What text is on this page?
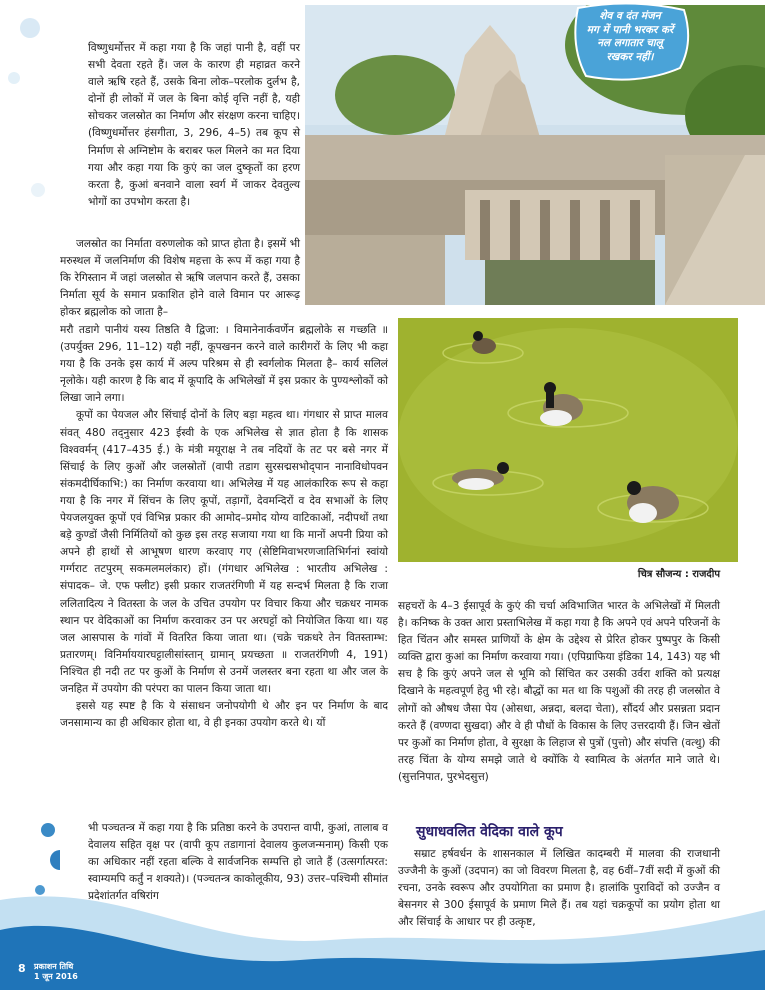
शेव व दंत मंजन
मग में पानी भरकर करें
नल लगातार चालू
रखकर नहीं।
चित्र सौजन्य : राजदीप

विष्णुधर्मोत्तर में कहा गया है कि जहां पानी है, वहीं पर सभी देवता रहते हैं। जल के कारण ही महाव्रत करने वाले ऋषि रहते हैं, उसके बिना लोक–परलोक दुर्लभ है, दोनों ही लोकों में जल के बिना कोई वृत्ति नहीं है, यही सोचकर जलस्रोत का निर्माण और संरक्षण करना चाहिए। (विष्णुधर्मोत्तर हंसगीता, 3, 296, 4–5) तब कूप से निर्माण से अग्निष्टोम के बराबर फल मिलने का मत दिया गया और कहा गया कि कुएं का जल दुष्कृतों का हरण करता है, कुआं बनवाने वाला स्वर्ग में जाकर देवतुल्य भोगों का उपभोग करता है।

जलस्रोत का निर्माता वरुणलोक को प्राप्त होता है। इसमें भी मरुस्थल में जलनिर्माण की विशेष महत्ता के रूप में कहा गया है कि रेगिस्तान में जहां जलस्रोत से ऋषि जलपान करते हैं, उसका निर्माता सूर्य के समान प्रकाशित होने वाले विमान पर आरूढ़ होकर ब्रह्मलोक को जाता है–

मरौ तडागे पानीयं यस्य तिष्ठति वै द्विजा: । विमानेनार्कवर्णेन ब्रह्मलोके स गच्छति ॥ (उपर्युक्त 296, 11–12) यही नहीं, कूपखनन करने वाले कारीगरों के लिए भी कहा गया है कि उनके इस कार्य में अल्प परिश्रम से ही स्वर्गलोक मिलता है– कार्य सलिलं नृलोके। यही कारण है कि बाद में कूपादि के अभिलेखों में इस प्रकार के पुण्यश्लोकों को लिखा जाने लगा।

कूपों का पेयजल और सिंचाई दोनों के लिए बड़ा महत्व था। गंगधार से प्राप्त मालव संवत् 480 तद्नुसार 423 ईस्वी के एक अभिलेख से ज्ञात होता है कि शासक विश्ववर्मन् (417–435 ई.) के मंत्री मयूराक्ष ने तब नदियों के तट पर बसे नगर में सिंचाई के लिए कुओं और जलस्रोतों (वापी तडाग सुरसद्मसभोद्पान नानाविधोपवन संकमदीर्घिकाभि:) का निर्माण करवाया था। अभिलेख में यह आलंकारिक रूप से कहा गया है कि नगर में सिंचन के लिए कूपों, तड़ागों, देवमन्दिरों व देव सभाओं के लिए पेयजलयुक्त कूपों एवं विभिन्न प्रकार की आमोद–प्रमोद योग्य वाटिकाओं, नदीपथों तथा बड़े कुण्डों जैसी निर्मितियों को कुछ इस तरह सजाया गया था कि मानों अपनी प्रिया को अपने ही हाथों से आभूषण धारण करवाए गए (सेष्टिमिवाभरणजातिभिर्गनां स्वांयो गर्ग्गराट तटपुरम् सकमलमलंकार) हों। (गंगधार अभिलेख : भारतीय अभिलेख : संपादक– जे. एफ फ्लीट) इसी प्रकार राजतरंगिणी में यह सन्दर्भ मिलता है कि राजा ललितादित्य ने वितस्ता के जल के उचित उपयोग पर विचार किया और चक्रधर नामक स्थान पर वेदिकाओं का निर्माण करवाकर उन पर अरघट्टों को नियोजित किया था। यह जल आसपास के गांवों में वितरित किया जाता था। (चक्रे चक्रधरे तेन वितस्ताम्भ: प्रतारणम्। विनिर्माययारघट्टालीसांस्तान् ग्रामान् प्रयच्छता ॥ राजतरंगिणी 4, 191) निश्चित ही नदी तट पर कुओं के निर्माण से उनमें जलस्तर बना रहता था और जल के जनहित में उपयोग की परंपरा का पालन किया जाता था।

इससे यह स्पष्ट है कि ये संसाधन जनोपयोगी थे और इन पर निर्माण के बाद जनसामान्य का ही अधिकार होता था, वे ही इनका उपयोग करते थे। यों

भी पञ्चतन्त्र में कहा गया है कि प्रतिष्ठा करने के उपरान्त वापी, कुआं, तालाब व देवालय सहित वृक्ष पर (वापी कूप तडागानां देवालय कुलजन्मनाम्) किसी एक का अधिकार नहीं रहता बल्कि वे सार्वजनिक सम्पत्ति हो जाते हैं (उत्सर्गात्परत: स्वाम्यमपि कर्तुं न शक्यते)। (पञ्चतन्त्र काकोलूकीय, 93) उत्तर–पश्चिमी सीमांत प्रदेशांतर्गत वषिरांग

सहचरों के 4–3 ईसापूर्व के कुएं की चर्चा अविभाजित भारत के अभिलेखों में मिलती है। कनिष्क के उक्त आरा प्रस्ताभिलेख में कहा गया है कि अपने एवं अपने परिजनों के हित चिंतन और समस्त प्राणियों के क्षेम के उद्देश्य से प्रेरित होकर पुष्पपुर के किसी व्यक्ति द्वारा कुआं का निर्माण करवाया गया। (एपिग्राफिया इंडिका 14, 143) यह भी सच है कि कुएं अपने जल से भूमि को सिंचित कर उसकी उर्वरा शक्ति को प्रत्यक्ष दिखाने के महत्वपूर्ण हेतु भी रहे। बौद्धों का मत था कि पशुओं की तरह ही जलस्रोत वे लोगों को औषध जैसा पेय (ओसधा, अन्नदा, बलदा चेता), सौंदर्य और प्रसन्नता प्रदान करते हैं (वण्णदा सुखदा) और वे ही पौधों के विकास के लिए उत्तरदायी हैं। जिन खेतों पर कुओं का निर्माण होता, वे सुरक्षा के लिहाज से पुत्रों (पुत्तो) और संपत्ति (वत्थु) की तरह चिंता के योग्य समझे जाते थे क्योंकि ये स्वामित्व के अंतर्गत माने जाते थे। (सुत्तनिपात, पुरभेदसुत्त)

सुधाधवलित वेदिका वाले कूप

सम्राट हर्षवर्धन के शासनकाल में लिखित कादम्बरी में मालवा की राजधानी उज्जैनी के कुओं (उदपान) का जो विवरण मिलता है, वह 6वीं–7वीं सदी में कुओं की रचना, उनके स्वरूप और उपयोगिता का प्रमाण है। हालांकि पुराविदों को उज्जैन व बेसनगर से 300 ईसापूर्व के प्रमाण मिले हैं। तब यहां चक्रकूपों का प्रयोग होता था और सिंचाई के आधार पर ही उत्कृष्ट,

8 प्रकाशन तिथि
1 जून 2016
